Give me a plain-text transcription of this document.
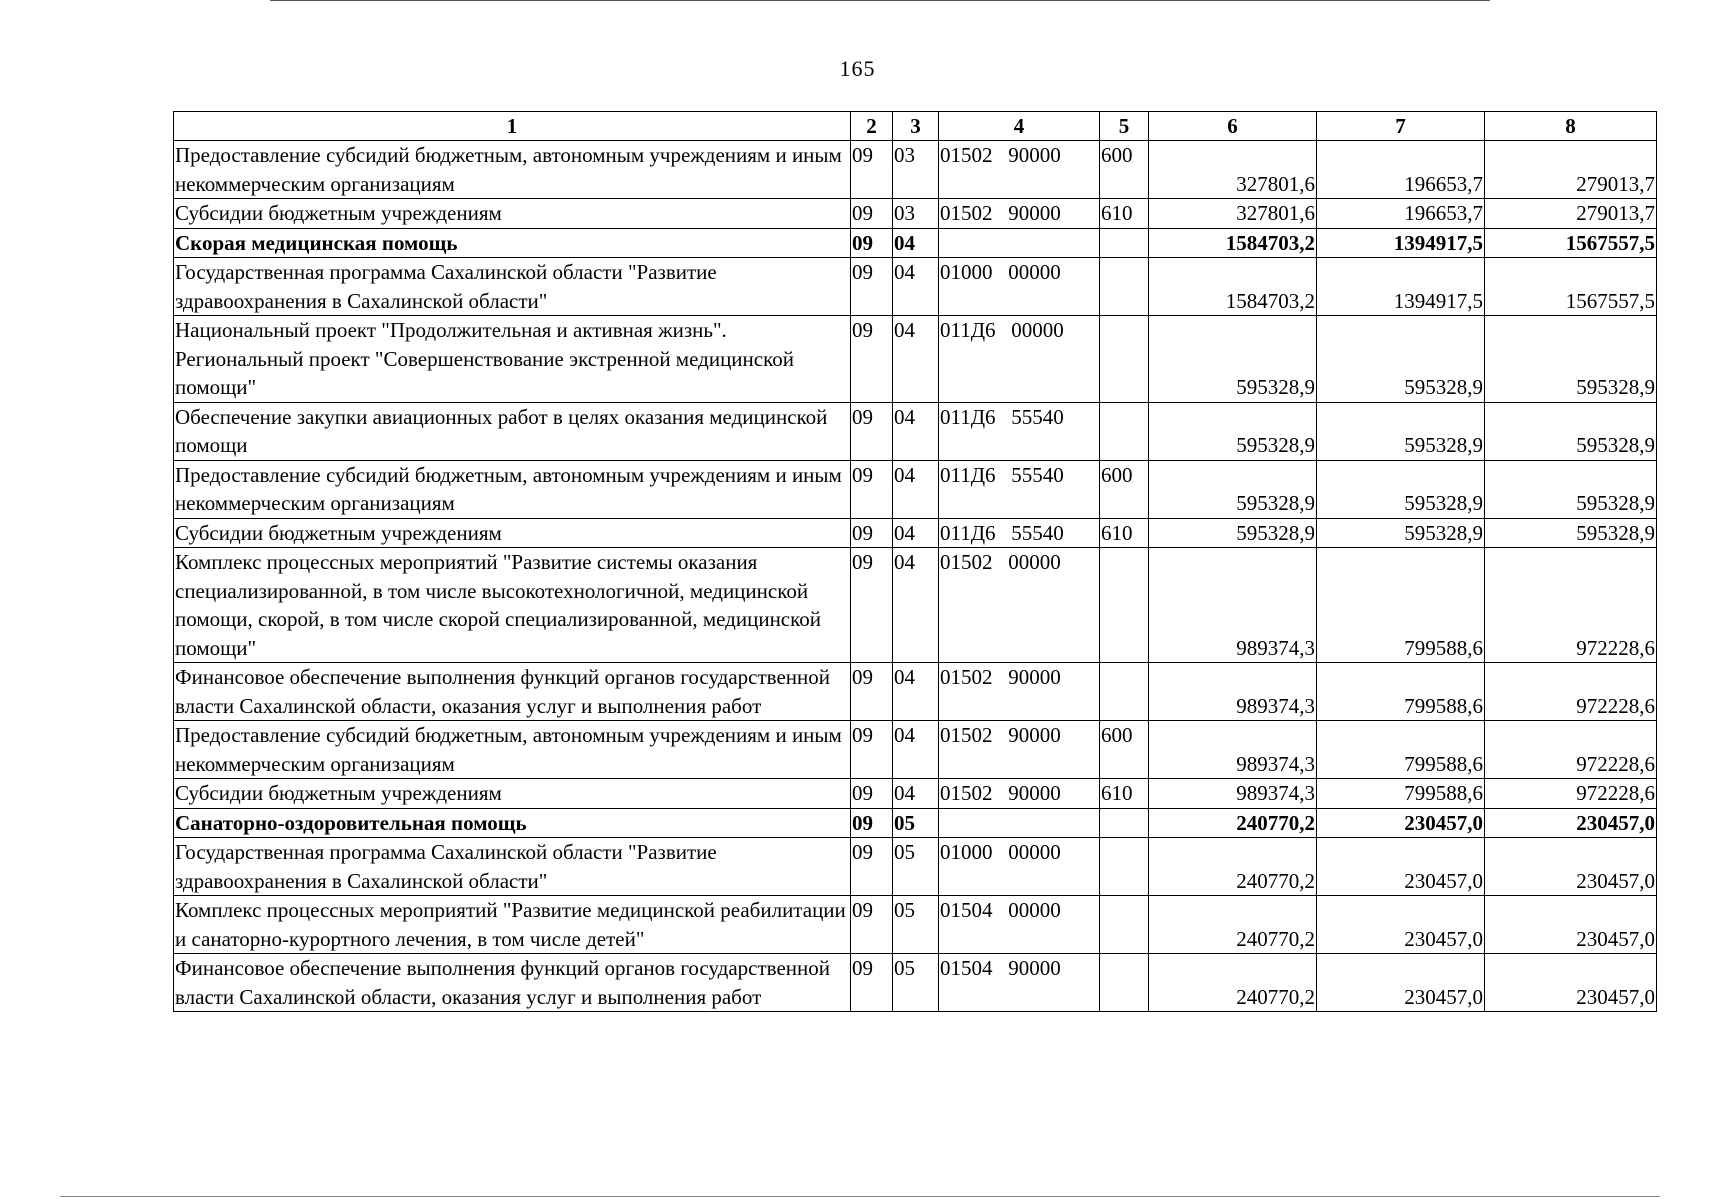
165
1	2	3	4	5	6	7	8
Предоставление субсидий бюджетным, автономным учреждениям и иным некоммерческим организациям	09	03	01502   90000	600	327801,6	196653,7	279013,7
Субсидии бюджетным учреждениям	09	03	01502   90000	610	327801,6	196653,7	279013,7
Скорая медицинская помощь	09	04			1584703,2	1394917,5	1567557,5
Государственная программа Сахалинской области "Развитие здравоохранения в Сахалинской области"	09	04	01000   00000		1584703,2	1394917,5	1567557,5
Национальный проект "Продолжительная и активная жизнь". Региональный проект "Совершенствование экстренной медицинской помощи"	09	04	011Д6   00000		595328,9	595328,9	595328,9
Обеспечение закупки авиационных работ в целях оказания медицинской помощи	09	04	011Д6   55540		595328,9	595328,9	595328,9
Предоставление субсидий бюджетным, автономным учреждениям и иным некоммерческим организациям	09	04	011Д6   55540	600	595328,9	595328,9	595328,9
Субсидии бюджетным учреждениям	09	04	011Д6   55540	610	595328,9	595328,9	595328,9
Комплекс процессных мероприятий "Развитие системы оказания специализированной, в том числе высокотехнологичной, медицинской помощи, скорой, в том числе скорой специализированной, медицинской помощи"	09	04	01502   00000		989374,3	799588,6	972228,6
Финансовое обеспечение выполнения функций органов государственной власти Сахалинской области, оказания услуг и выполнения работ	09	04	01502   90000		989374,3	799588,6	972228,6
Предоставление субсидий бюджетным, автономным учреждениям и иным некоммерческим организациям	09	04	01502   90000	600	989374,3	799588,6	972228,6
Субсидии бюджетным учреждениям	09	04	01502   90000	610	989374,3	799588,6	972228,6
Санаторно-оздоровительная помощь	09	05			240770,2	230457,0	230457,0
Государственная программа Сахалинской области "Развитие здравоохранения в Сахалинской области"	09	05	01000   00000		240770,2	230457,0	230457,0
Комплекс процессных мероприятий "Развитие медицинской реабилитации и санаторно-курортного лечения, в том числе детей"	09	05	01504   00000		240770,2	230457,0	230457,0
Финансовое обеспечение выполнения функций органов государственной власти Сахалинской области, оказания услуг и выполнения работ	09	05	01504   90000		240770,2	230457,0	230457,0
